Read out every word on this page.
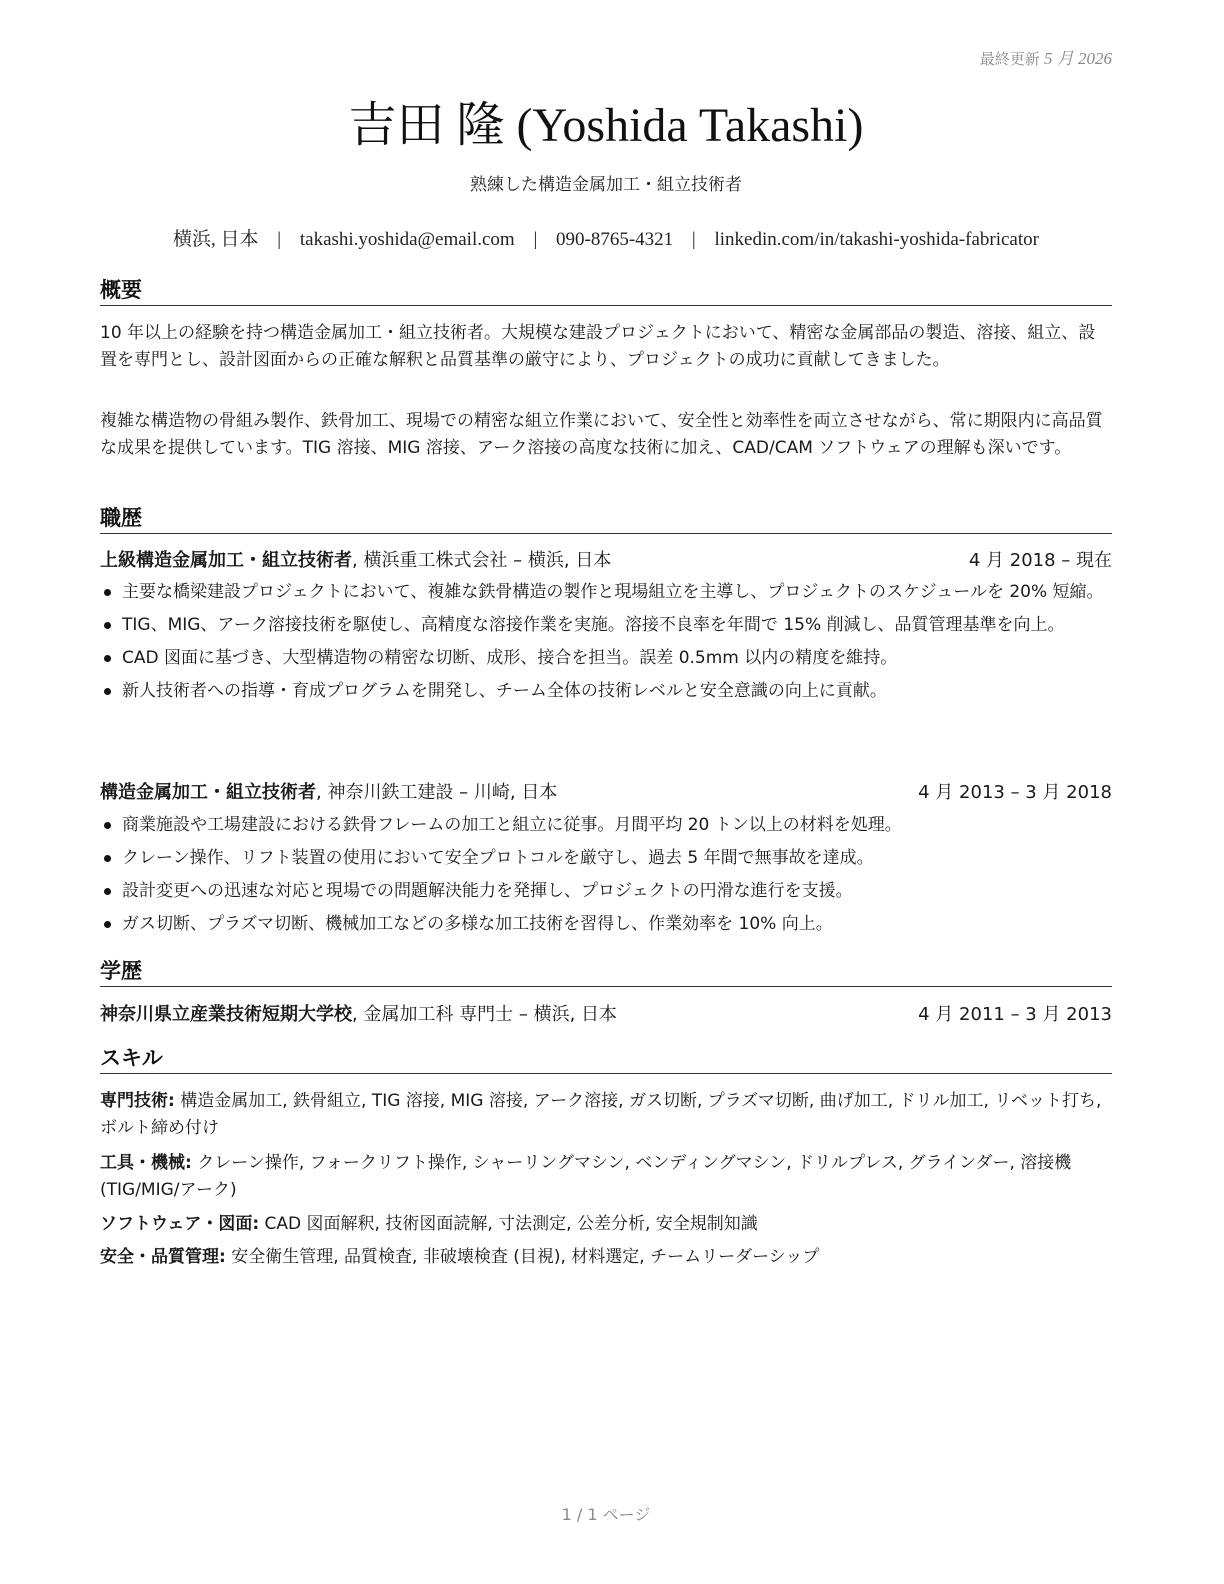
最終更新 5 月 2026
吉田 隆 (Yoshida Takashi)
熟練した構造金属加工・組立技術者
横浜, 日本 | takashi.yoshida@email.com | 090-8765-4321 | linkedin.com/in/takashi-yoshida-fabricator
概要
10 年以上の経験を持つ構造金属加工・組立技術者。大規模な建設プロジェクトにおいて、精密な金属部品の製造、溶接、組立、設置を専門とし、設計図面からの正確な解釈と品質基準の厳守により、プロジェクトの成功に貢献してきました。
複雑な構造物の骨組み製作、鉄骨加工、現場での精密な組立作業において、安全性と効率性を両立させながら、常に期限内に高品質な成果を提供しています。TIG 溶接、MIG 溶接、アーク溶接の高度な技術に加え、CAD/CAM ソフトウェアの理解も深いです。
職歴
上級構造金属加工・組立技術者, 横浜重工株式会社 – 横浜, 日本	4 月 2018 – 現在
主要な橋梁建設プロジェクトにおいて、複雑な鉄骨構造の製作と現場組立を主導し、プロジェクトのスケジュールを 20% 短縮。
TIG、MIG、アーク溶接技術を駆使し、高精度な溶接作業を実施。溶接不良率を年間で 15% 削減し、品質管理基準を向上。
CAD 図面に基づき、大型構造物の精密な切断、成形、接合を担当。誤差 0.5mm 以内の精度を維持。
新人技術者への指導・育成プログラムを開発し、チーム全体の技術レベルと安全意識の向上に貢献。
構造金属加工・組立技術者, 神奈川鉄工建設 – 川崎, 日本	4 月 2013 – 3 月 2018
商業施設や工場建設における鉄骨フレームの加工と組立に従事。月間平均 20 トン以上の材料を処理。
クレーン操作、リフト装置の使用において安全プロトコルを厳守し、過去 5 年間で無事故を達成。
設計変更への迅速な対応と現場での問題解決能力を発揮し、プロジェクトの円滑な進行を支援。
ガス切断、プラズマ切断、機械加工などの多様な加工技術を習得し、作業効率を 10% 向上。
学歴
神奈川県立産業技術短期大学校, 金属加工科 専門士 – 横浜, 日本	4 月 2011 – 3 月 2013
スキル
専門技術: 構造金属加工, 鉄骨組立, TIG 溶接, MIG 溶接, アーク溶接, ガス切断, プラズマ切断, 曲げ加工, ドリル加工, リベット打ち, ボルト締め付け
工具・機械: クレーン操作, フォークリフト操作, シャーリングマシン, ベンディングマシン, ドリルプレス, グラインダー, 溶接機 (TIG/MIG/アーク)
ソフトウェア・図面: CAD 図面解釈, 技術図面読解, 寸法測定, 公差分析, 安全規制知識
安全・品質管理: 安全衛生管理, 品質検査, 非破壊検査 (目視), 材料選定, チームリーダーシップ
1 / 1 ページ
